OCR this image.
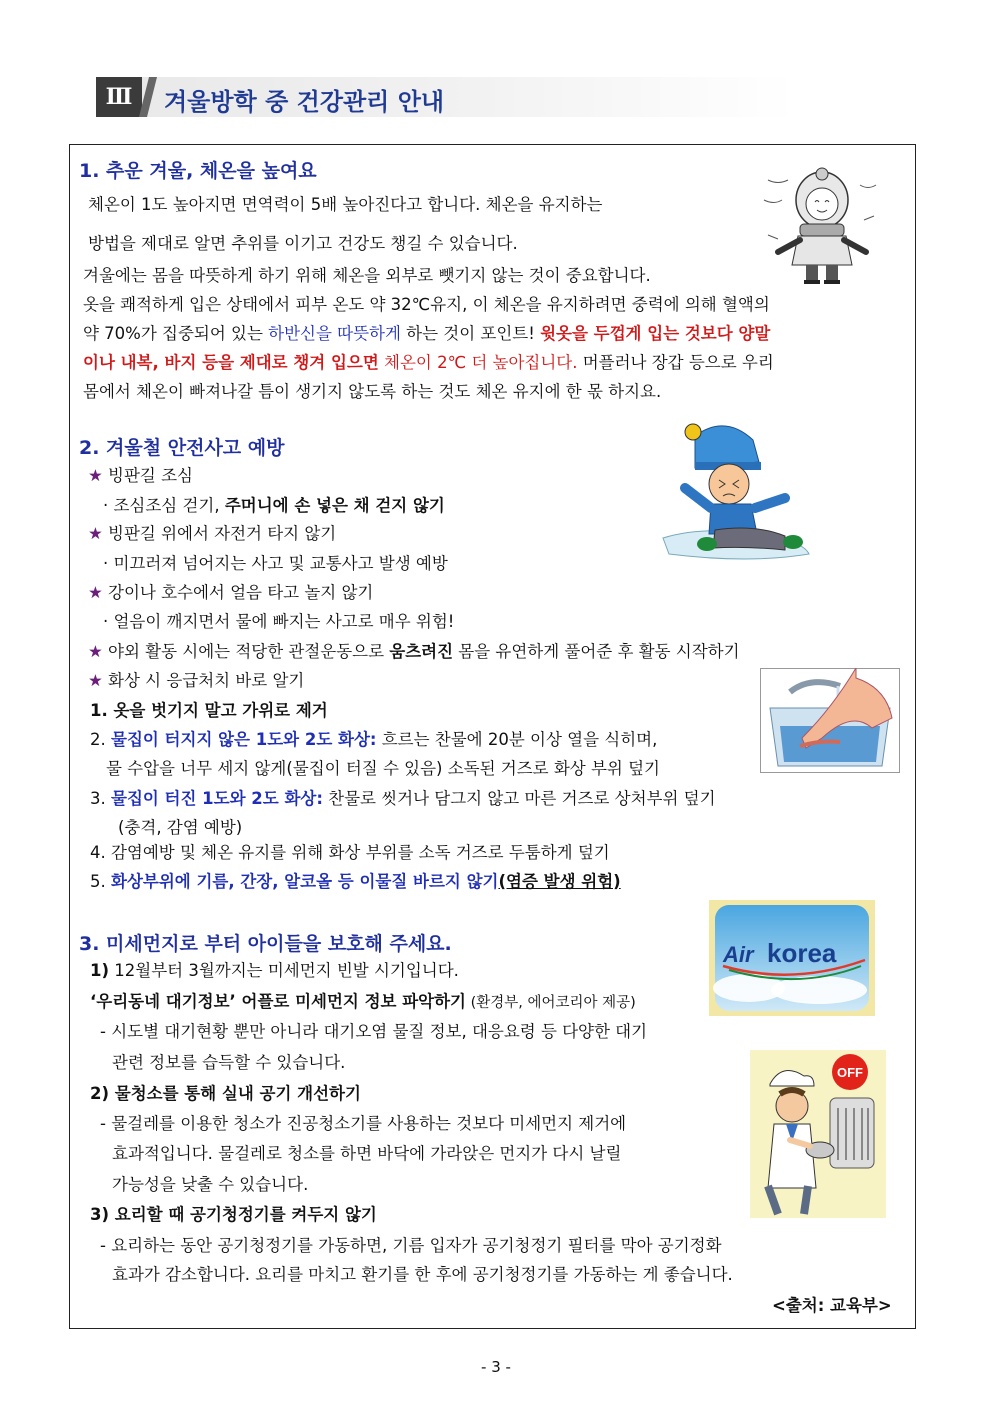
Ⅲ	겨울방학 중 건강관리 안내
1. 추운 겨울, 체온을 높여요
체온이 1도 높아지면 면역력이 5배 높아진다고 합니다. 체온을 유지하는
방법을 제대로 알면 추위를 이기고 건강도 챙길 수 있습니다.
겨울에는 몸을 따뜻하게 하기 위해 체온을 외부로 뺏기지 않는 것이 중요합니다.
옷을 쾌적하게 입은 상태에서 피부 온도 약 32℃유지, 이 체온을 유지하려면 중력에 의해 혈액의
약 70%가 집중되어 있는 하반신을 따뜻하게 하는 것이 포인트! 윗옷을 두껍게 입는 것보다 양말
이나 내복, 바지 등을 제대로 챙겨 입으면 체온이 2℃ 더 높아집니다. 머플러나 장갑 등으로 우리
몸에서 체온이 빠져나갈 틈이 생기지 않도록 하는 것도 체온 유지에 한 몫 하지요.
2. 겨울철 안전사고 예방
★ 빙판길 조심
· 조심조심 걷기, 주머니에 손 넣은 채 걷지 않기
★ 빙판길 위에서 자전거 타지 않기
· 미끄러져 넘어지는 사고 및 교통사고 발생 예방
★ 강이나 호수에서 얼음 타고 놀지 않기
· 얼음이 깨지면서 물에 빠지는 사고로 매우 위험!
★ 야외 활동 시에는 적당한 관절운동으로 움츠려진 몸을 유연하게 풀어준 후 활동 시작하기
★ 화상 시 응급처치 바로 알기
1. 옷을 벗기지 말고 가위로 제거
2. 물집이 터지지 않은 1도와 2도 화상: 흐르는 찬물에 20분 이상 열을 식히며,
물 수압을 너무 세지 않게(물집이 터질 수 있음) 소독된 거즈로 화상 부위 덮기
3. 물집이 터진 1도와 2도 화상: 찬물로 씻거나 담그지 않고 마른 거즈로 상처부위 덮기
(충격, 감염 예방)
4. 감염예방 및 체온 유지를 위해 화상 부위를 소독 거즈로 두툼하게 덮기
5. 화상부위에 기름, 간장, 알코올 등 이물질 바르지 않기(염증 발생 위험)
3. 미세먼지로 부터 아이들을 보호해 주세요.
1) 12월부터 3월까지는 미세먼지 빈발 시기입니다.
‘우리동네 대기정보’ 어플로 미세먼지 정보 파악하기 (환경부, 에어코리아 제공)
- 시도별 대기현황 뿐만 아니라 대기오염 물질 정보, 대응요령 등 다양한 대기
관련 정보를 습득할 수 있습니다.
2) 물청소를 통해 실내 공기 개선하기
- 물걸레를 이용한 청소가 진공청소기를 사용하는 것보다 미세먼지 제거에
효과적입니다. 물걸레로 청소를 하면 바닥에 가라앉은 먼지가 다시 날릴
가능성을 낮출 수 있습니다.
3) 요리할 때 공기청정기를 켜두지 않기
- 요리하는 동안 공기청정기를 가동하면, 기름 입자가 공기청정기 필터를 막아 공기정화
효과가 감소합니다. 요리를 마치고 환기를 한 후에 공기청정기를 가동하는 게 좋습니다.
<출처: 교육부>
Air korea
OFF
- 3 -
